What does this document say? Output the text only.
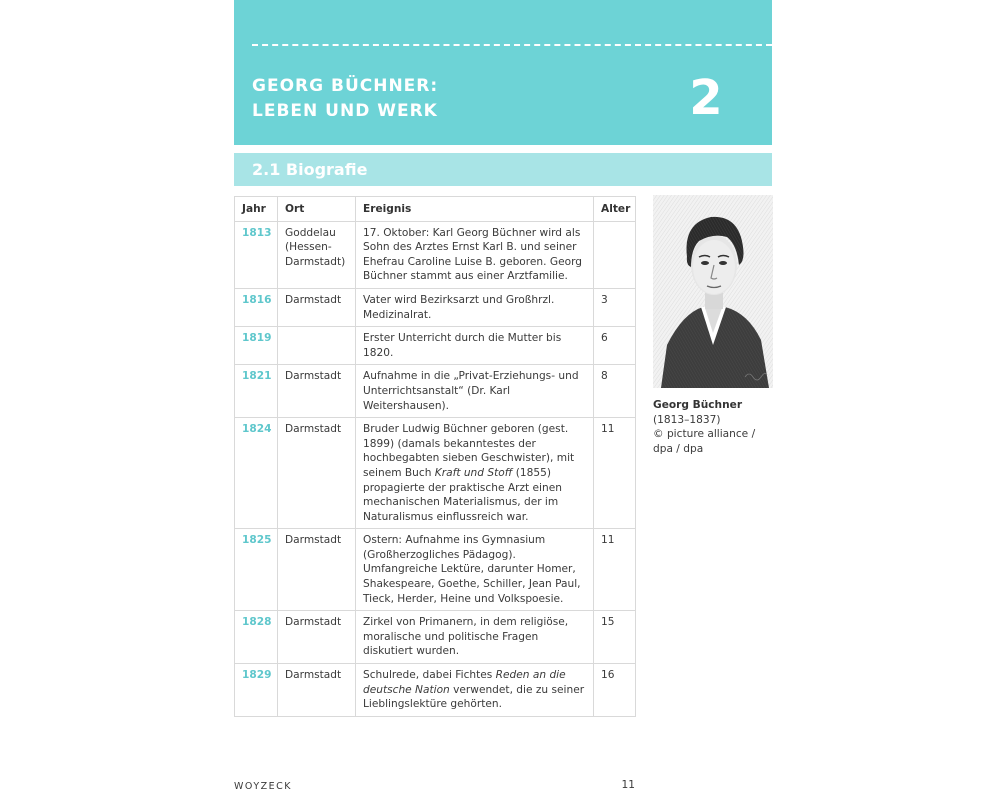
GEORG BÜCHNER:
LEBEN UND WERK	2
2.1 Biografie
Jahr	Ort	Ereignis	Alter
1813	Goddelau (Hessen-Darmstadt)	17. Oktober: Karl Georg Büchner wird als Sohn des Arztes Ernst Karl B. und seiner Ehefrau Caroline Luise B. geboren. Georg Büchner stammt aus einer Arztfamilie.	
1816	Darmstadt	Vater wird Bezirksarzt und Großhrzl. Medizinalrat.	3
1819		Erster Unterricht durch die Mutter bis 1820.	6
1821	Darmstadt	Aufnahme in die „Privat-Erziehungs- und Unterrichtsanstalt“ (Dr. Karl Weitershausen).	8
1824	Darmstadt	Bruder Ludwig Büchner geboren (gest. 1899) (damals bekanntestes der hochbegabten sieben Geschwister), mit seinem Buch Kraft und Stoff (1855) propagierte der praktische Arzt einen mechanischen Materialismus, der im Naturalismus einflussreich war.	11
1825	Darmstadt	Ostern: Aufnahme ins Gymnasium (Großherzogliches Pädagog). Umfangreiche Lektüre, darunter Homer, Shakespeare, Goethe, Schiller, Jean Paul, Tieck, Herder, Heine und Volkspoesie.	11
1828	Darmstadt	Zirkel von Primanern, in dem religiöse, moralische und politische Fragen diskutiert wurden.	15
1829	Darmstadt	Schulrede, dabei Fichtes Reden an die deutsche Nation verwendet, die zu seiner Lieblingslektüre gehörten.	16
Georg Büchner
(1813–1837)
© picture alliance /
dpa / dpa
WOYZECK	11
